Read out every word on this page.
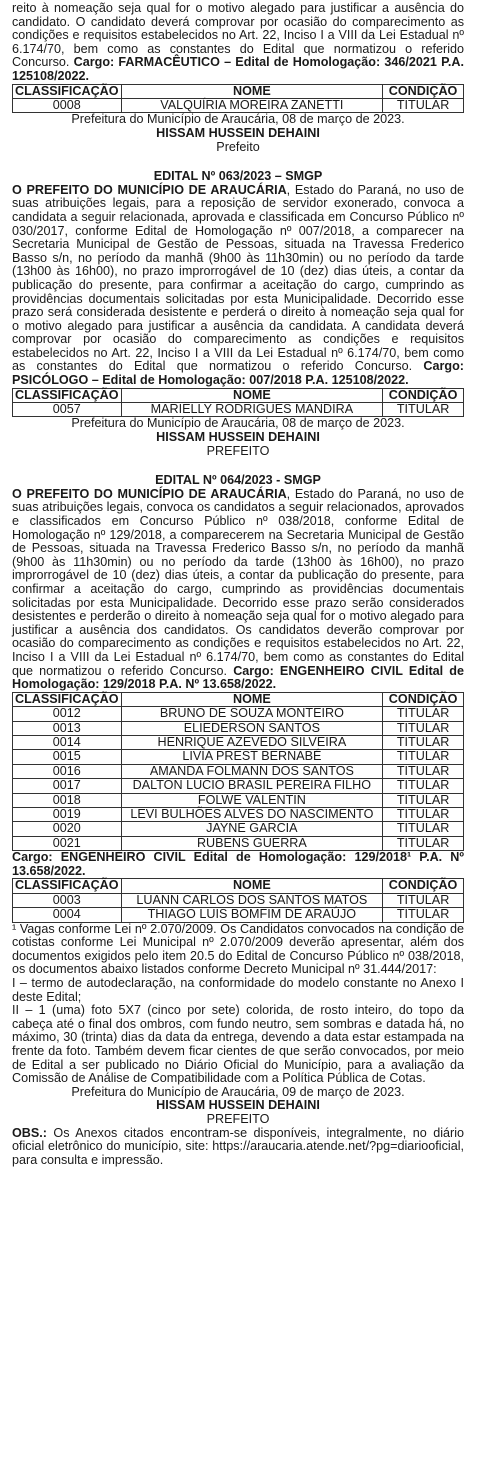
reito à nomeação seja qual for o motivo alegado para justificar a ausência do candidato. O candidato deverá comprovar por ocasião do comparecimento as condições e requisitos estabelecidos no Art. 22, Inciso I a VIII da Lei Estadual nº 6.174/70, bem como as constantes do Edital que normatizou o referido Concurso. Cargo: FARMACÊUTICO – Edital de Homologação: 346/2021 P.A. 125108/2022.

CLASSIFICAÇÃO	NOME	CONDIÇÃO
0008	VALQUÍRIA MOREIRA ZANETTI	TITULAR

Prefeitura do Município de Araucária, 08 de março de 2023.

HISSAM HUSSEIN DEHAINI

Prefeito

EDITAL Nº 063/2023 – SMGP

O PREFEITO DO MUNICÍPIO DE ARAUCÁRIA, Estado do Paraná, no uso de suas atribuições legais, para a reposição de servidor exonerado, convoca a candidata a seguir relacionada, aprovada e classificada em Concurso Público nº 030/2017, conforme Edital de Homologação nº 007/2018, a comparecer na Secretaria Municipal de Gestão de Pessoas, situada na Travessa Frederico Basso s/n, no período da manhã (9h00 às 11h30min) ou no período da tarde (13h00 às 16h00), no prazo improrrogável de 10 (dez) dias úteis, a contar da publicação do presente, para confirmar a aceitação do cargo, cumprindo as providências documentais solicitadas por esta Municipalidade. Decorrido esse prazo será considerada desistente e perderá o direito à nomeação seja qual for o motivo alegado para justificar a ausência da candidata. A candidata deverá comprovar por ocasião do comparecimento as condições e requisitos estabelecidos no Art. 22, Inciso I a VIII da Lei Estadual nº 6.174/70, bem como as constantes do Edital que normatizou o referido Concurso. Cargo: PSICÓLOGO – Edital de Homologação: 007/2018 P.A. 125108/2022.

CLASSIFICAÇÃO	NOME	CONDIÇÃO
0057	MARIELLY RODRIGUES MANDIRA	TITULAR

Prefeitura do Município de Araucária, 08 de março de 2023.

HISSAM HUSSEIN DEHAINI

PREFEITO

EDITAL Nº 064/2023 - SMGP

O PREFEITO DO MUNICÍPIO DE ARAUCÁRIA, Estado do Paraná, no uso de suas atribuições legais, convoca os candidatos a seguir relacionados, aprovados e classificados em Concurso Público nº 038/2018, conforme Edital de Homologação nº 129/2018, a comparecerem na Secretaria Municipal de Gestão de Pessoas, situada na Travessa Frederico Basso s/n, no período da manhã (9h00 às 11h30min) ou no período da tarde (13h00 às 16h00), no prazo improrrogável de 10 (dez) dias úteis, a contar da publicação do presente, para confirmar a aceitação do cargo, cumprindo as providências documentais solicitadas por esta Municipalidade. Decorrido esse prazo serão considerados desistentes e perderão o direito à nomeação seja qual for o motivo alegado para justificar a ausência dos candidatos. Os candidatos deverão comprovar por ocasião do comparecimento as condições e requisitos estabelecidos no Art. 22, Inciso I a VIII da Lei Estadual nº 6.174/70, bem como as constantes do Edital que normatizou o referido Concurso. Cargo: ENGENHEIRO CIVIL Edital de Homologação: 129/2018 P.A. Nº 13.658/2022.

CLASSIFICAÇÃO	NOME	CONDIÇÃO
0012	BRUNO DE SOUZA MONTEIRO	TITULAR
0013	ELIEDERSON SANTOS	TITULAR
0014	HENRIQUE AZEVEDO SILVEIRA	TITULAR
0015	LIVIA PREST BERNABÉ	TITULAR
0016	AMANDA FOLMANN DOS SANTOS	TITULAR
0017	DALTON LUCIO BRASIL PEREIRA FILHO	TITULAR
0018	FOLWE VALENTIN	TITULAR
0019	LEVI BULHÕES ALVES DO NASCIMENTO	TITULAR
0020	JAYNE GARCIA	TITULAR
0021	RUBENS GUERRA	TITULAR

Cargo: ENGENHEIRO CIVIL Edital de Homologação: 129/2018¹ P.A. Nº 13.658/2022.

CLASSIFICAÇÃO	NOME	CONDIÇÃO
0003	LUANN CARLOS DOS SANTOS MATOS	TITULAR
0004	THIAGO LUIS BOMFIM DE ARAÚJO	TITULAR

¹ Vagas conforme Lei nº 2.070/2009. Os Candidatos convocados na condição de cotistas conforme Lei Municipal nº 2.070/2009 deverão apresentar, além dos documentos exigidos pelo item 20.5 do Edital de Concurso Público nº 038/2018, os documentos abaixo listados conforme Decreto Municipal nº 31.444/2017:

I – termo de autodeclaração, na conformidade do modelo constante no Anexo I deste Edital;

II – 1 (uma) foto 5X7 (cinco por sete) colorida, de rosto inteiro, do topo da cabeça até o final dos ombros, com fundo neutro, sem sombras e datada há, no máximo, 30 (trinta) dias da data da entrega, devendo a data estar estampada na frente da foto. Também devem ficar cientes de que serão convocados, por meio de Edital a ser publicado no Diário Oficial do Município, para a avaliação da Comissão de Análise de Compatibilidade com a Política Pública de Cotas.

Prefeitura do Município de Araucária, 09 de março de 2023.

HISSAM HUSSEIN DEHAINI

PREFEITO

OBS.: Os Anexos citados encontram-se disponíveis, integralmente, no diário oficial eletrônico do município, site: https://araucaria.atende.net/?pg=diariooficial, para consulta e impressão.
